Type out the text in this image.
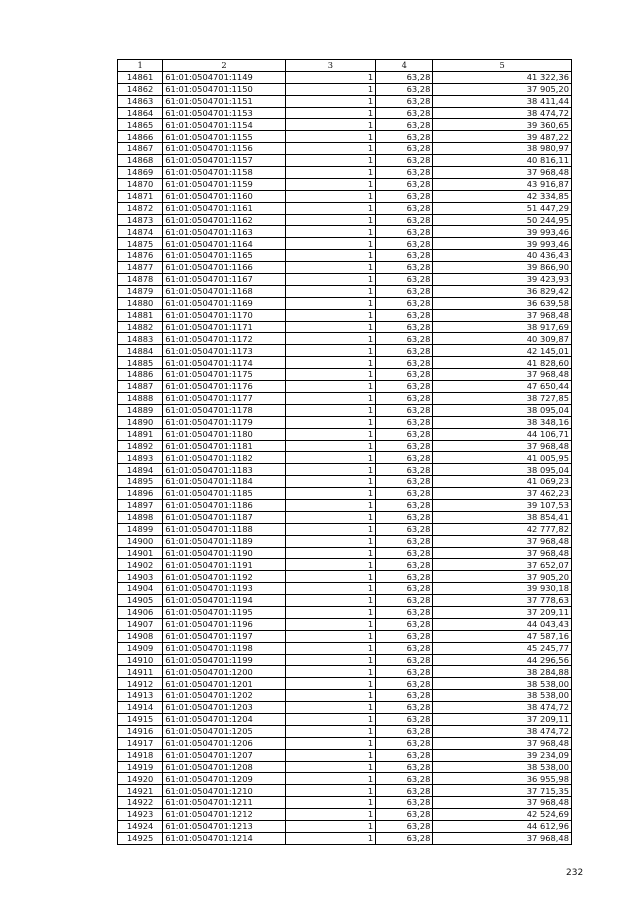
1	2	3	4	5
14861	61:01:0504701:1149	1	63,28	41 322,36
14862	61:01:0504701:1150	1	63,28	37 905,20
14863	61:01:0504701:1151	1	63,28	38 411,44
14864	61:01:0504701:1153	1	63,28	38 474,72
14865	61:01:0504701:1154	1	63,28	39 360,65
14866	61:01:0504701:1155	1	63,28	39 487,22
14867	61:01:0504701:1156	1	63,28	38 980,97
14868	61:01:0504701:1157	1	63,28	40 816,11
14869	61:01:0504701:1158	1	63,28	37 968,48
14870	61:01:0504701:1159	1	63,28	43 916,87
14871	61:01:0504701:1160	1	63,28	42 334,85
14872	61:01:0504701:1161	1	63,28	51 447,29
14873	61:01:0504701:1162	1	63,28	50 244,95
14874	61:01:0504701:1163	1	63,28	39 993,46
14875	61:01:0504701:1164	1	63,28	39 993,46
14876	61:01:0504701:1165	1	63,28	40 436,43
14877	61:01:0504701:1166	1	63,28	39 866,90
14878	61:01:0504701:1167	1	63,28	39 423,93
14879	61:01:0504701:1168	1	63,28	36 829,42
14880	61:01:0504701:1169	1	63,28	36 639,58
14881	61:01:0504701:1170	1	63,28	37 968,48
14882	61:01:0504701:1171	1	63,28	38 917,69
14883	61:01:0504701:1172	1	63,28	40 309,87
14884	61:01:0504701:1173	1	63,28	42 145,01
14885	61:01:0504701:1174	1	63,28	41 828,60
14886	61:01:0504701:1175	1	63,28	37 968,48
14887	61:01:0504701:1176	1	63,28	47 650,44
14888	61:01:0504701:1177	1	63,28	38 727,85
14889	61:01:0504701:1178	1	63,28	38 095,04
14890	61:01:0504701:1179	1	63,28	38 348,16
14891	61:01:0504701:1180	1	63,28	44 106,71
14892	61:01:0504701:1181	1	63,28	37 968,48
14893	61:01:0504701:1182	1	63,28	41 005,95
14894	61:01:0504701:1183	1	63,28	38 095,04
14895	61:01:0504701:1184	1	63,28	41 069,23
14896	61:01:0504701:1185	1	63,28	37 462,23
14897	61:01:0504701:1186	1	63,28	39 107,53
14898	61:01:0504701:1187	1	63,28	38 854,41
14899	61:01:0504701:1188	1	63,28	42 777,82
14900	61:01:0504701:1189	1	63,28	37 968,48
14901	61:01:0504701:1190	1	63,28	37 968,48
14902	61:01:0504701:1191	1	63,28	37 652,07
14903	61:01:0504701:1192	1	63,28	37 905,20
14904	61:01:0504701:1193	1	63,28	39 930,18
14905	61:01:0504701:1194	1	63,28	37 778,63
14906	61:01:0504701:1195	1	63,28	37 209,11
14907	61:01:0504701:1196	1	63,28	44 043,43
14908	61:01:0504701:1197	1	63,28	47 587,16
14909	61:01:0504701:1198	1	63,28	45 245,77
14910	61:01:0504701:1199	1	63,28	44 296,56
14911	61:01:0504701:1200	1	63,28	38 284,88
14912	61:01:0504701:1201	1	63,28	38 538,00
14913	61:01:0504701:1202	1	63,28	38 538,00
14914	61:01:0504701:1203	1	63,28	38 474,72
14915	61:01:0504701:1204	1	63,28	37 209,11
14916	61:01:0504701:1205	1	63,28	38 474,72
14917	61:01:0504701:1206	1	63,28	37 968,48
14918	61:01:0504701:1207	1	63,28	39 234,09
14919	61:01:0504701:1208	1	63,28	38 538,00
14920	61:01:0504701:1209	1	63,28	36 955,98
14921	61:01:0504701:1210	1	63,28	37 715,35
14922	61:01:0504701:1211	1	63,28	37 968,48
14923	61:01:0504701:1212	1	63,28	42 524,69
14924	61:01:0504701:1213	1	63,28	44 612,96
14925	61:01:0504701:1214	1	63,28	37 968,48
232
